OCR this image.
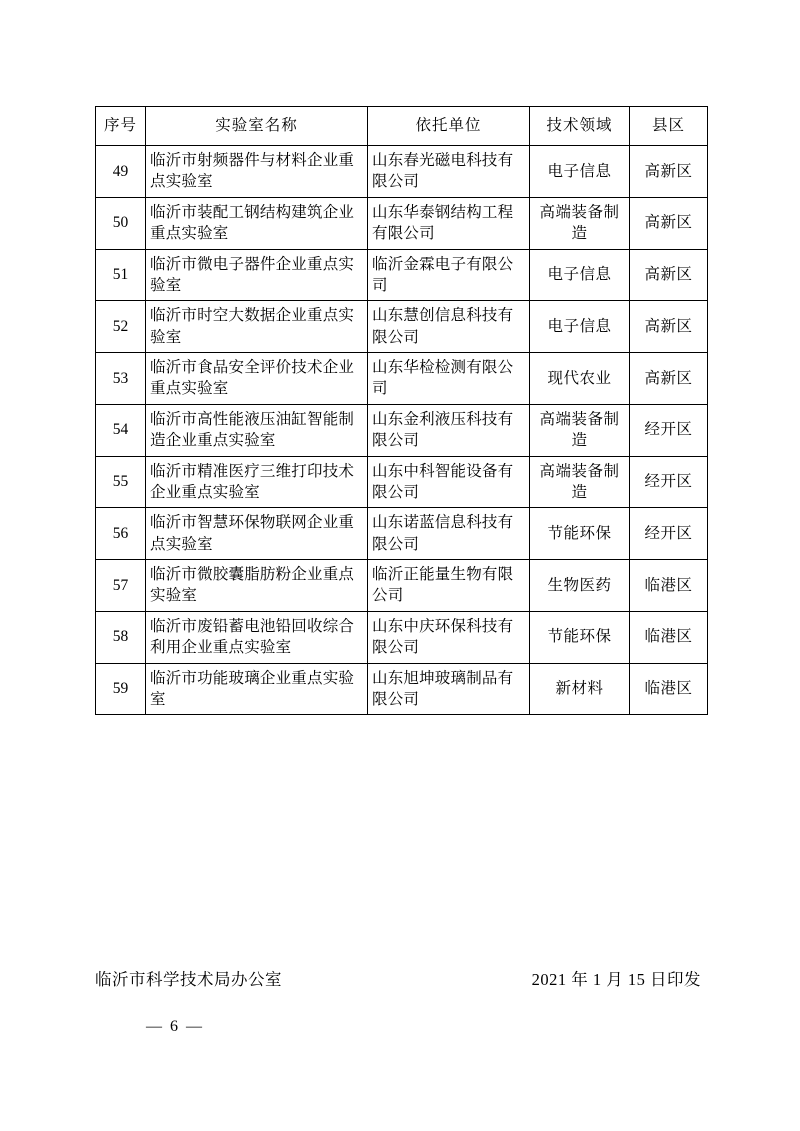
序号	实验室名称	依托单位	技术领域	县区
49	临沂市射频器件与材料企业重点实验室	山东春光磁电科技有限公司	电子信息	高新区
50	临沂市装配工钢结构建筑企业重点实验室	山东华泰钢结构工程有限公司	高端装备制造	高新区
51	临沂市微电子器件企业重点实验室	临沂金霖电子有限公司	电子信息	高新区
52	临沂市时空大数据企业重点实验室	山东慧创信息科技有限公司	电子信息	高新区
53	临沂市食品安全评价技术企业重点实验室	山东华检检测有限公司	现代农业	高新区
54	临沂市高性能液压油缸智能制造企业重点实验室	山东金利液压科技有限公司	高端装备制造	经开区
55	临沂市精准医疗三维打印技术企业重点实验室	山东中科智能设备有限公司	高端装备制造	经开区
56	临沂市智慧环保物联网企业重点实验室	山东诺蓝信息科技有限公司	节能环保	经开区
57	临沂市微胶囊脂肪粉企业重点实验室	临沂正能量生物有限公司	生物医药	临港区
58	临沂市废铅蓄电池铅回收综合利用企业重点实验室	山东中庆环保科技有限公司	节能环保	临港区
59	临沂市功能玻璃企业重点实验室	山东旭坤玻璃制品有限公司	新材料	临港区
临沂市科学技术局办公室	2021 年 1 月 15 日印发
— 6 —
